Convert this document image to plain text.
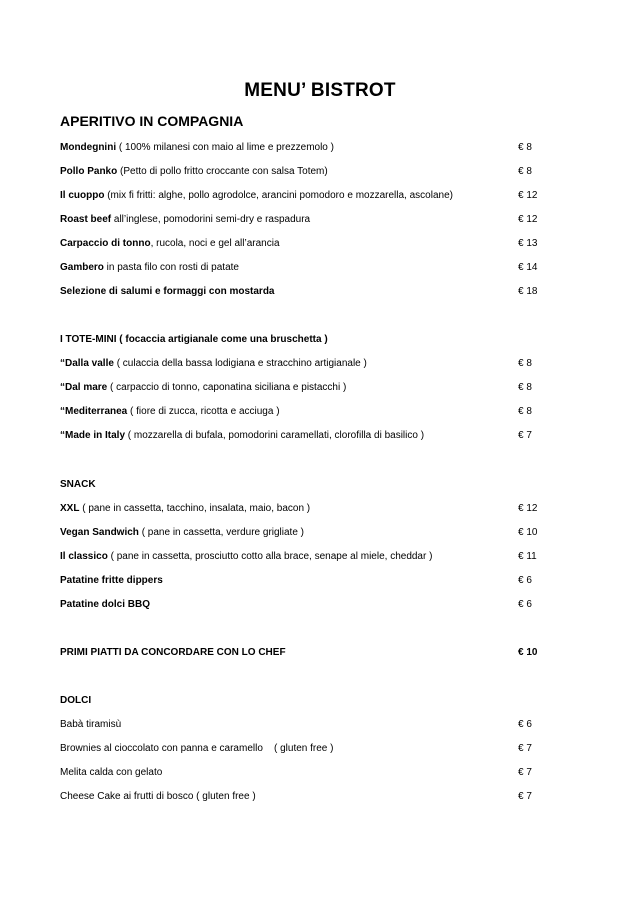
MENU’ BISTROT
APERITIVO IN COMPAGNIA
Mondegnini ( 100% milanesi con maio al lime e prezzemolo )	€ 8
Pollo Panko (Petto di pollo fritto croccante con salsa Totem)	€ 8
Il cuoppo (mix fi fritti: alghe, pollo agrodolce, arancini pomodoro e mozzarella, ascolane)	€ 12
Roast beef all’inglese, pomodorini semi-dry e raspadura	€ 12
Carpaccio di tonno, rucola, noci e gel all’arancia	€ 13
Gambero in pasta filo con rosti di patate	€ 14
Selezione di salumi e formaggi con mostarda	€ 18
I TOTE-MINI ( focaccia artigianale come una bruschetta )
“Dalla valle ( culaccia della bassa lodigiana e stracchino artigianale )	€ 8
“Dal mare ( carpaccio di tonno, caponatina siciliana e pistacchi )	€ 8
“Mediterranea ( fiore di zucca, ricotta e acciuga )	€ 8
“Made in Italy ( mozzarella di bufala, pomodorini caramellati, clorofilla di basilico )	€ 7
SNACK
XXL ( pane in cassetta, tacchino, insalata, maio, bacon )	€ 12
Vegan Sandwich ( pane in cassetta, verdure grigliate )	€ 10
Il classico ( pane in cassetta, prosciutto cotto alla brace, senape al miele, cheddar )	€ 11
Patatine fritte dippers	€ 6
Patatine dolci BBQ	€ 6
PRIMI PIATTI DA CONCORDARE CON LO CHEF	€ 10
DOLCI
Babà tiramisù	€ 6
Brownies al cioccolato con panna e caramello    ( gluten free )	€ 7
Melita calda con gelato	€ 7
Cheese Cake ai frutti di bosco ( gluten free )	€ 7
